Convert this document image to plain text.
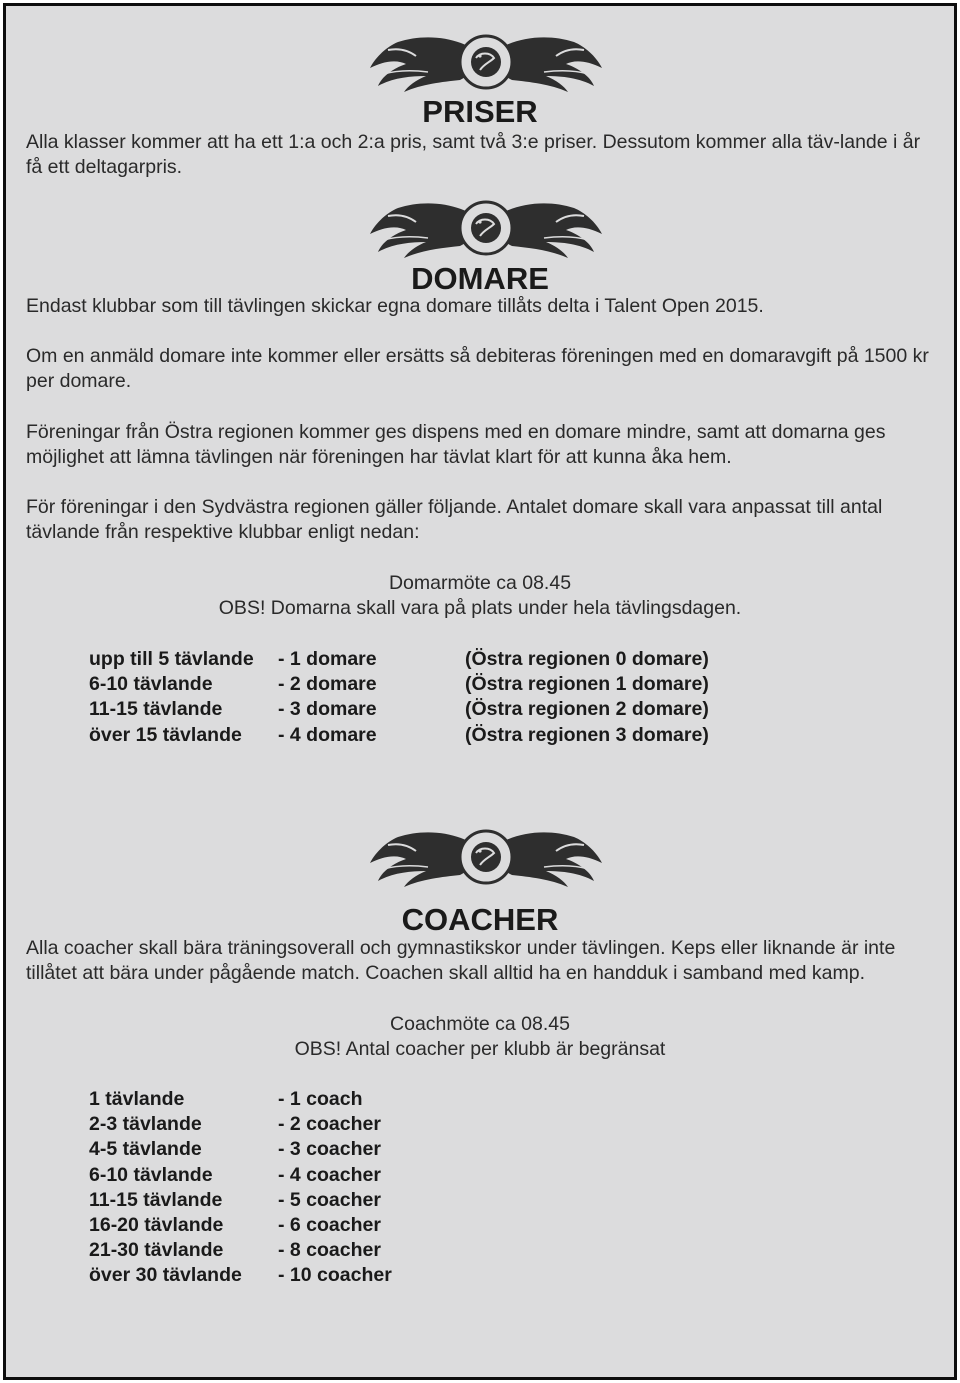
PRISER
Alla klasser kommer att ha ett 1:a och 2:a pris, samt två 3:e priser. Dessutom kommer alla täv-lande i år få ett deltagarpris.
DOMARE
Endast klubbar som till tävlingen skickar egna domare tillåts delta i Talent Open 2015.
Om en anmäld domare inte kommer eller ersätts så debiteras föreningen med en domaravgift på 1500 kr per domare.
Föreningar från Östra regionen kommer ges dispens med en domare mindre, samt att domarna ges möjlighet att lämna tävlingen när föreningen har tävlat klart för att kunna åka hem.
För föreningar i den Sydvästra regionen gäller följande. Antalet domare skall vara anpassat till antal tävlande från respektive klubbar enligt nedan:
Domarmöte ca 08.45
OBS! Domarna skall vara på plats under hela tävlingsdagen.
upp till 5 tävlande - 1 domare	(Östra regionen 0 domare)
6-10 tävlande	- 2 domare	(Östra regionen 1 domare)
11-15 tävlande	- 3 domare	(Östra regionen 2 domare)
över 15 tävlande - 4 domare	(Östra regionen 3 domare)
COACHER
Alla coacher skall bära träningsoverall och gymnastikskor under tävlingen. Keps eller liknande är inte tillåtet att bära under pågående match. Coachen skall alltid ha en handduk i samband med kamp.
Coachmöte ca 08.45
OBS! Antal coacher per klubb är begränsat
1 tävlande	- 1 coach
2-3 tävlande	- 2 coacher
4-5 tävlande	- 3 coacher
6-10 tävlande	- 4 coacher
11-15 tävlande	- 5 coacher
16-20 tävlande	- 6 coacher
21-30 tävlande	- 8 coacher
över 30 tävlande - 10 coacher
